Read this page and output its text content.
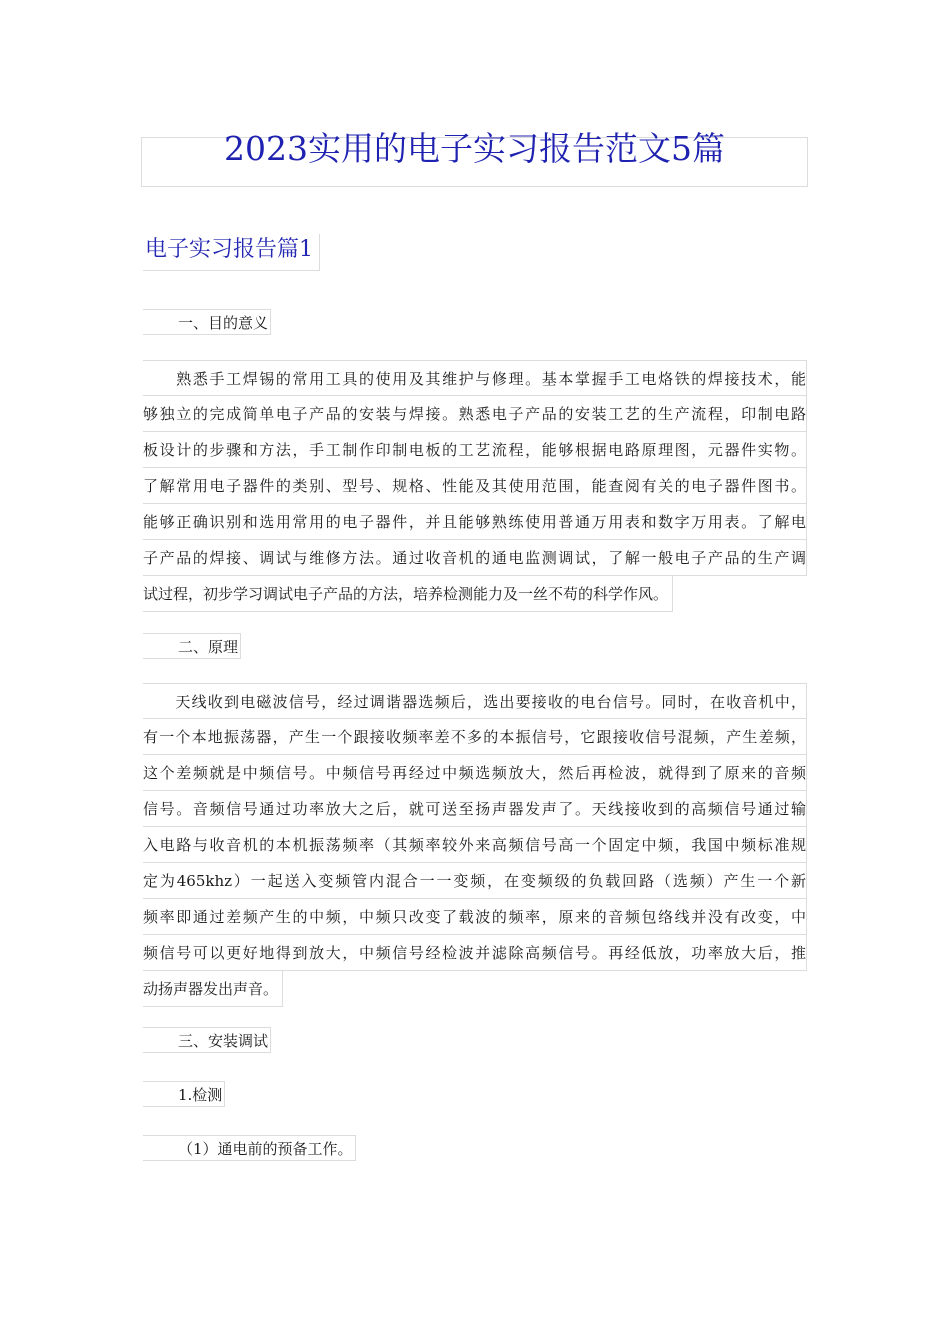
2023实用的电子实习报告范文5篇
电子实习报告篇1
一、目的意义
　　熟悉手工焊锡的常用工具的使用及其维护与修理。基本掌握手工电烙铁的焊接技术，能
够独立的完成简单电子产品的安装与焊接。熟悉电子产品的安装工艺的生产流程，印制电路
板设计的步骤和方法，手工制作印制电板的工艺流程，能够根据电路原理图，元器件实物。
了解常用电子器件的类别、型号、规格、性能及其使用范围，能查阅有关的电子器件图书。
能够正确识别和选用常用的电子器件，并且能够熟练使用普通万用表和数字万用表。了解电
子产品的焊接、调试与维修方法。通过收音机的通电监测调试，了解一般电子产品的生产调
试过程，初步学习调试电子产品的方法，培养检测能力及一丝不苟的科学作风。
二、原理
　　天线收到电磁波信号，经过调谐器选频后，选出要接收的电台信号。同时，在收音机中，
有一个本地振荡器，产生一个跟接收频率差不多的本振信号，它跟接收信号混频，产生差频，
这个差频就是中频信号。中频信号再经过中频选频放大，然后再检波，就得到了原来的音频
信号。音频信号通过功率放大之后，就可送至扬声器发声了。天线接收到的高频信号通过输
入电路与收音机的本机振荡频率（其频率较外来高频信号高一个固定中频，我国中频标准规
定为465khz）一起送入变频管内混合一一变频，在变频级的负载回路（选频）产生一个新
频率即通过差频产生的中频，中频只改变了载波的频率，原来的音频包络线并没有改变，中
频信号可以更好地得到放大，中频信号经检波并滤除高频信号。再经低放，功率放大后，推
动扬声器发出声音。
三、安装调试
1.检测
（1）通电前的预备工作。
